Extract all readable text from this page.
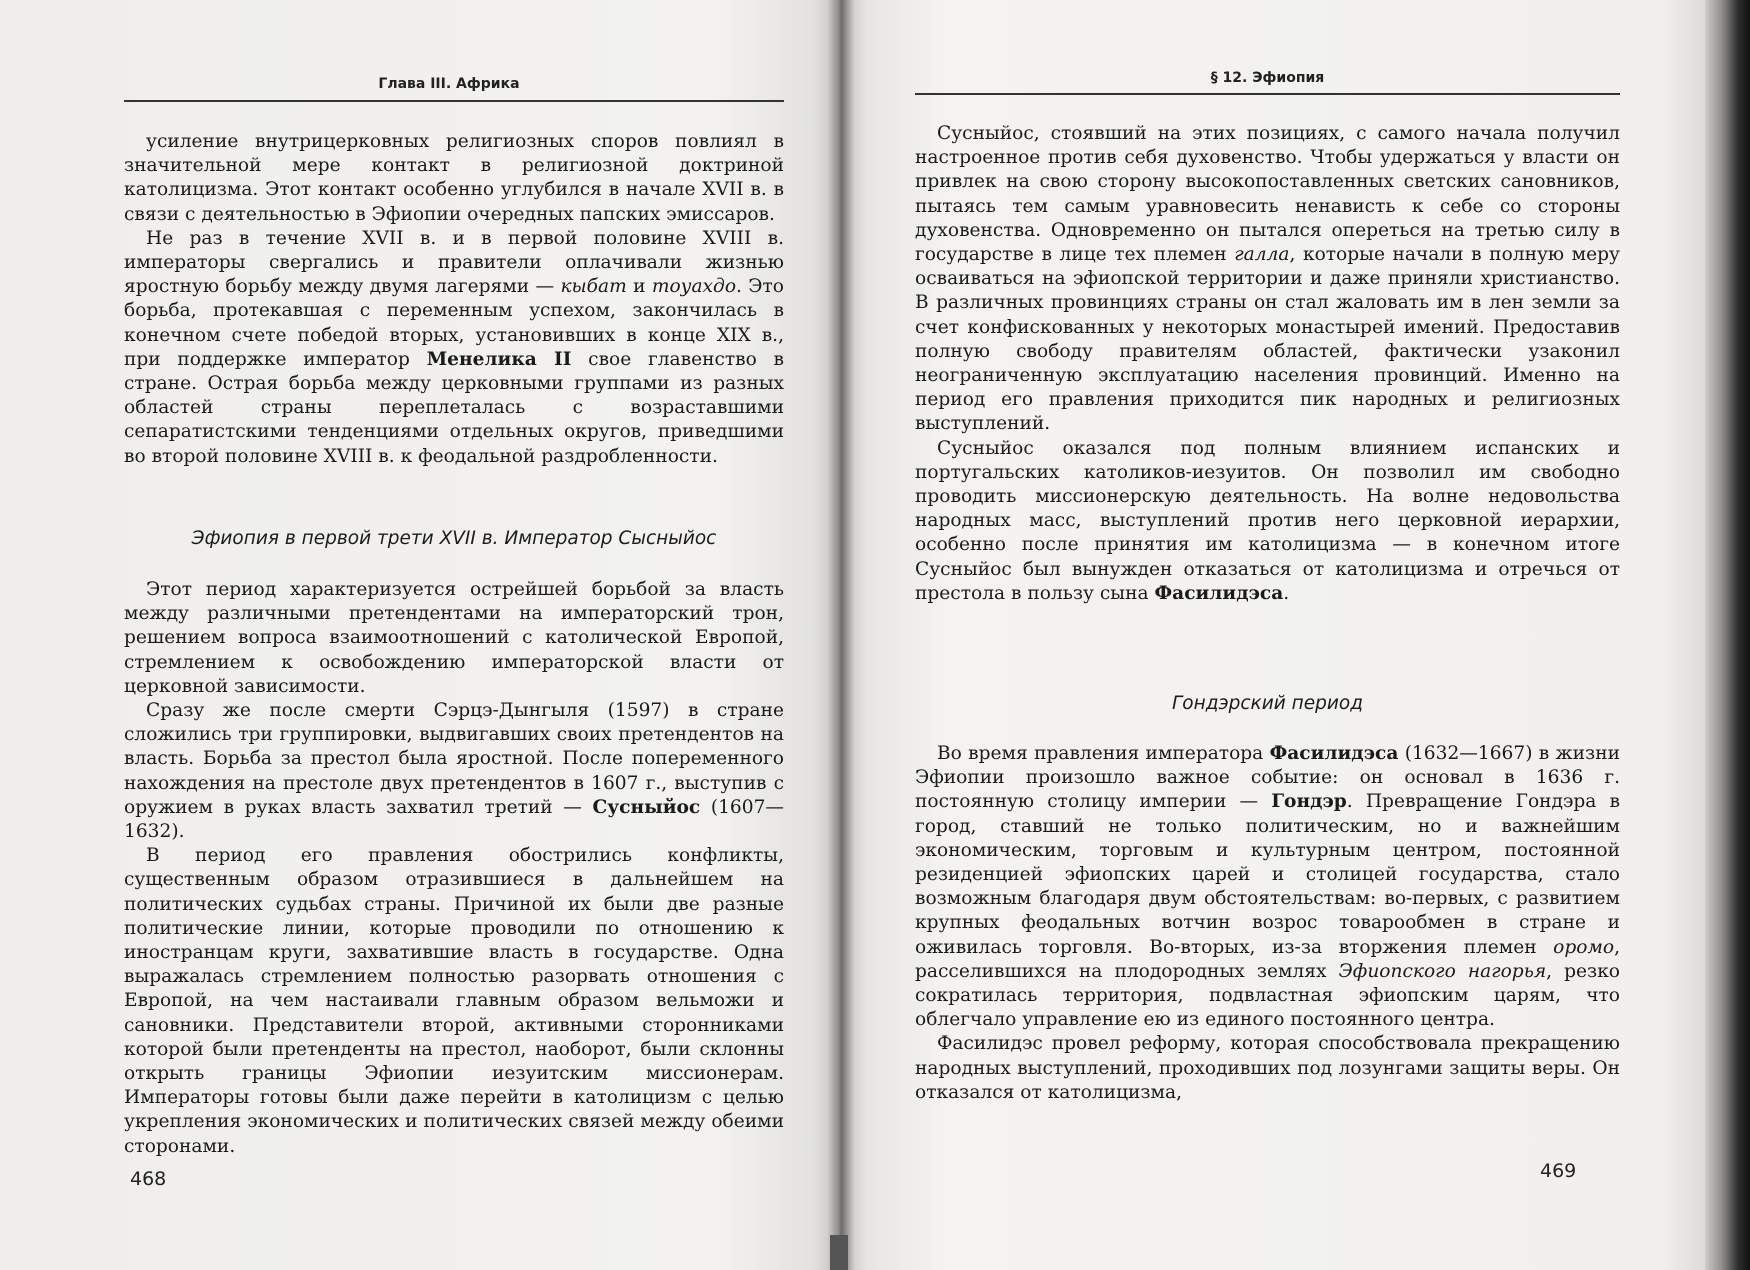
Глава III. Африка

усиление внутрицерковных религиозных споров повлиял в значительной мере контакт в религиозной доктриной католицизма. Этот контакт особенно углубился в начале XVII в. в связи с деятельностью в Эфиопии очередных папских эмиссаров.

Не раз в течение XVII в. и в первой половине XVIII в. императоры свергались и правители оплачивали жизнью яростную борьбу между двумя лагерями — кыбат и тоуахдо. Это борьба, протекавшая с переменным успехом, закончилась в конечном счете победой вторых, установивших в конце XIX в., при поддержке император Менелика II свое главенство в стране. Острая борьба между церковными группами из разных областей страны переплеталась с возраставшими сепаратистскими тенденциями отдельных округов, приведшими во второй половине XVIII в. к феодальной раздробленности.

Эфиопия в первой трети XVII в. Император Сысныйос

Этот период характеризуется острейшей борьбой за власть между различными претендентами на императорский трон, решением вопроса взаимоотношений с католической Европой, стремлением к освобождению императорской власти от церковной зависимости.

Сразу же после смерти Сэрцэ-Дынгыля (1597) в стране сложились три группировки, выдвигавших своих претендентов на власть. Борьба за престол была яростной. После попеременного нахождения на престоле двух претендентов в 1607 г., выступив с оружием в руках власть захватил третий — Сусныйос (1607—1632).

В период его правления обострились конфликты, существенным образом отразившиеся в дальнейшем на политических судьбах страны. Причиной их были две разные политические линии, которые проводили по отношению к иностранцам круги, захватившие власть в государстве. Одна выражалась стремлением полностью разорвать отношения с Европой, на чем настаивали главным образом вельможи и сановники. Представители второй, активными сторонниками которой были претенденты на престол, наоборот, были склонны открыть границы Эфиопии иезуитским миссионерам. Императоры готовы были даже перейти в католицизм с целью укрепления экономических и политических связей между обеими сторонами.

468
§ 12. Эфиопия

Сусныйос, стоявший на этих позициях, с самого начала получил настроенное против себя духовенство. Чтобы удержаться у власти он привлек на свою сторону высокопоставленных светских сановников, пытаясь тем самым уравновесить ненависть к себе со стороны духовенства. Одновременно он пытался опереться на третью силу в государстве в лице тех племен галла, которые начали в полную меру осваиваться на эфиопской территории и даже приняли христианство. В различных провинциях страны он стал жаловать им в лен земли за счет конфискованных у некоторых монастырей имений. Предоставив полную свободу правителям областей, фактически узаконил неограниченную эксплуатацию населения провинций. Именно на период его правления приходится пик народных и религиозных выступлений.

Сусныйос оказался под полным влиянием испанских и португальских католиков-иезуитов. Он позволил им свободно проводить миссионерскую деятельность. На волне недовольства народных масс, выступлений против него церковной иерархии, особенно после принятия им католицизма — в конечном итоге Сусныйос был вынужден отказаться от католицизма и отречься от престола в пользу сына Фасилидэса.

Гондэрский период

Во время правления императора Фасилидэса (1632—1667) в жизни Эфиопии произошло важное событие: он основал в 1636 г. постоянную столицу империи — Гондэр. Превращение Гондэра в город, ставший не только политическим, но и важнейшим экономическим, торговым и культурным центром, постоянной резиденцией эфиопских царей и столицей государства, стало возможным благодаря двум обстоятельствам: во-первых, с развитием крупных феодальных вотчин возрос товарообмен в стране и оживилась торговля. Во-вторых, из-за вторжения племен оромо, расселившихся на плодородных землях Эфиопского нагорья, резко сократилась территория, подвластная эфиопским царям, что облегчало управление ею из единого постоянного центра.

Фасилидэс провел реформу, которая способствовала прекращению народных выступлений, проходивших под лозунгами защиты веры. Он отказался от католицизма,

469
